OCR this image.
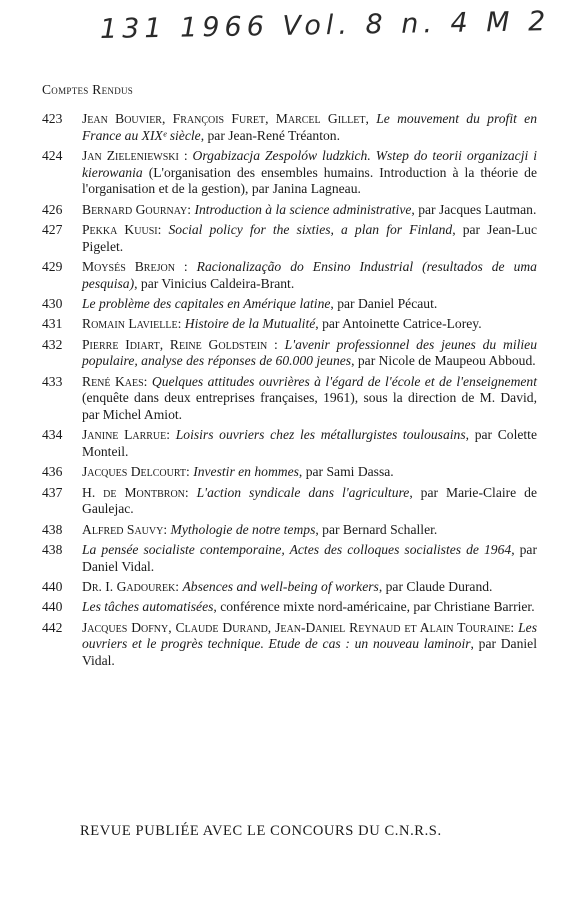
131 1966 Vol. 8 n. 4 M 2
Comptes Rendus
423	Jean Bouvier, François Furet, Marcel Gillet, Le mouvement du profit en France au XIXᵉ siècle, par Jean-René Tréanton.
424	Jan Zieleniewski : Orgabizacja Zespolów ludzkich. Wstep do teorii organizacji i kierowania (L'organisation des ensembles humains. Introduction à la théorie de l'organisation et de la gestion), par Janina Lagneau.
426	Bernard Gournay: Introduction à la science administrative, par Jacques Lautman.
427	Pekka Kuusi: Social policy for the sixties, a plan for Finland, par Jean-Luc Pigelet.
429	Moysés Brejon : Racionalização do Ensino Industrial (resultados de uma pesquisa), par Vinicius Caldeira-Brant.
430	Le problème des capitales en Amérique latine, par Daniel Pécaut.
431	Romain Lavielle: Histoire de la Mutualité, par Antoinette Catrice-Lorey.
432	Pierre Idiart, Reine Goldstein : L'avenir professionnel des jeunes du milieu populaire, analyse des réponses de 60.000 jeunes, par Nicole de Maupeou Abboud.
433	René Kaes: Quelques attitudes ouvrières à l'égard de l'école et de l'enseignement (enquête dans deux entreprises françaises, 1961), sous la direction de M. David, par Michel Amiot.
434	Janine Larrue: Loisirs ouvriers chez les métallurgistes toulousains, par Colette Monteil.
436	Jacques Delcourt: Investir en hommes, par Sami Dassa.
437	H. de Montbron: L'action syndicale dans l'agriculture, par Marie-Claire de Gaulejac.
438	Alfred Sauvy: Mythologie de notre temps, par Bernard Schaller.
438	La pensée socialiste contemporaine, Actes des colloques socialistes de 1964, par Daniel Vidal.
440	Dr. I. Gadourek: Absences and well-being of workers, par Claude Durand.
440	Les tâches automatisées, conférence mixte nord-américaine, par Christiane Barrier.
442	Jacques Dofny, Claude Durand, Jean-Daniel Reynaud et Alain Touraine: Les ouvriers et le progrès technique. Etude de cas : un nouveau laminoir, par Daniel Vidal.
REVUE PUBLIÉE AVEC LE CONCOURS DU C.N.R.S.
